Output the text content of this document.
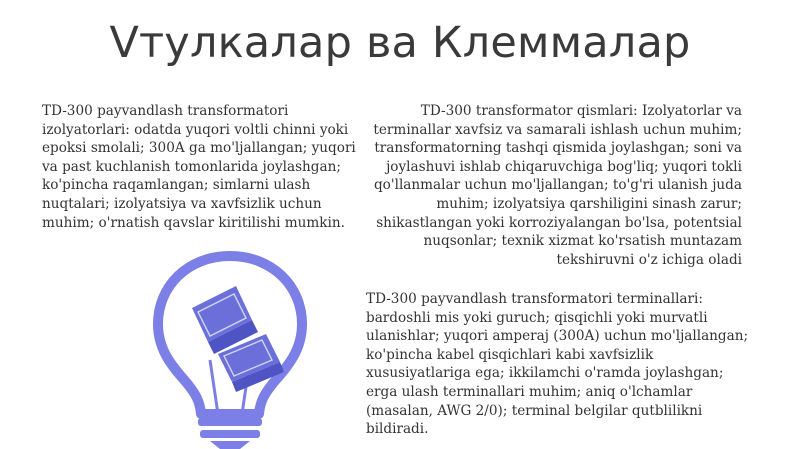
Vтулкалар ва Клеммалар

TD-300 payvandlash transformatori izolyatorlari: odatda yuqori voltli chinni yoki epoksi smolali; 300A ga mo'ljallangan; yuqori va past kuchlanish tomonlarida joylashgan; ko'pincha raqamlangan; simlarni ulash nuqtalari; izolyatsiya va xavfsizlik uchun muhim; o'rnatish qavslar kiritilishi mumkin.

TD-300 transformator qismlari: Izolyatorlar va terminallar xavfsiz va samarali ishlash uchun muhim; transformatorning tashqi qismida joylashgan; soni va joylashuvi ishlab chiqaruvchiga bog'liq; yuqori tokli qo'llanmalar uchun mo'ljallangan; to'g'ri ulanish juda muhim; izolyatsiya qarshiligini sinash zarur; shikastlangan yoki korroziyalangan bo'lsa, potentsial nuqsonlar; texnik xizmat ko'rsatish muntazam tekshiruvni o'z ichiga oladi

TD-300 payvandlash transformatori terminallari: bardoshli mis yoki guruch; qisqichli yoki murvatli ulanishlar; yuqori amperaj (300A) uchun mo'ljallangan; ko'pincha kabel qisqichlari kabi xavfsizlik xususiyatlariga ega; ikkilamchi o'ramda joylashgan; erga ulash terminallari muhim; aniq o'lchamlar (masalan, AWG 2/0); terminal belgilar qutblilikni bildiradi.
